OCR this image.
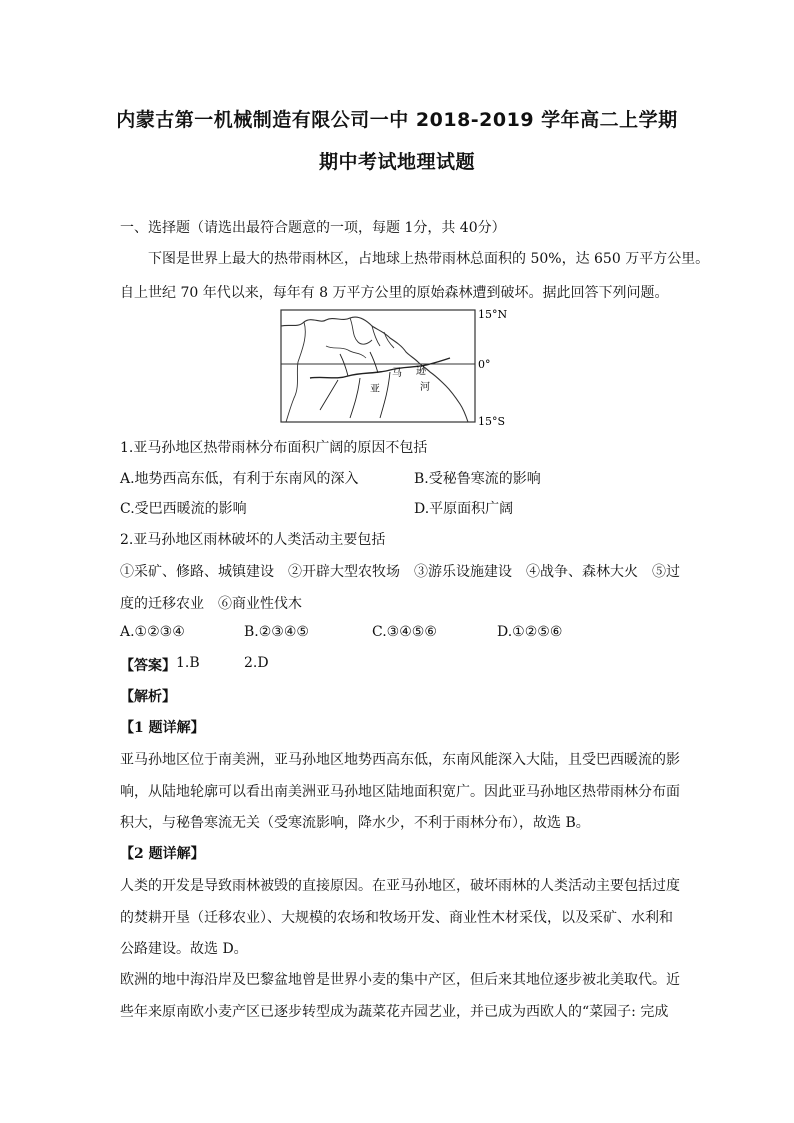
内蒙古第一机械制造有限公司一中 2018-2019 学年高二上学期
期中考试地理试题
一、选择题（请选出最符合题意的一项，每题 1分，共 40分）
下图是世界上最大的热带雨林区，占地球上热带雨林总面积的 50%，达 650 万平方公里。
自上世纪 70 年代以来，每年有 8 万平方公里的原始森林遭到破坏。据此回答下列问题。
马 逊
亚	河
15°N
0°
15°S
1.亚马孙地区热带雨林分布面积广阔的原因不包括
A.地势西高东低，有利于东南风的深入	B.受秘鲁寒流的影响
C.受巴西暖流的影响	D.平原面积广阔
2.亚马孙地区雨林破坏的人类活动主要包括
①采矿、修路、城镇建设　②开辟大型农牧场　③游乐设施建设　④战争、森林大火　⑤过
度的迁移农业　⑥商业性伐木
A.①②③④	B.②③④⑤	C.③④⑤⑥	D.①②⑤⑥
【答案】 1.B	2.D
【解析】
【1 题详解】
亚马孙地区位于南美洲，亚马孙地区地势西高东低，东南风能深入大陆，且受巴西暖流的影
响，从陆地轮廓可以看出南美洲亚马孙地区陆地面积宽广。因此亚马孙地区热带雨林分布面
积大，与秘鲁寒流无关（受寒流影响，降水少，不利于雨林分布），故选 B。
【2 题详解】
人类的开发是导致雨林被毁的直接原因。在亚马孙地区，破坏雨林的人类活动主要包括过度
的焚耕开垦（迁移农业）、大规模的农场和牧场开发、商业性木材采伐，以及采矿、水利和
公路建设。故选 D。
欧洲的地中海沿岸及巴黎盆地曾是世界小麦的集中产区，但后来其地位逐步被北美取代。近
些年来原南欧小麦产区已逐步转型成为蔬菜花卉园艺业，并已成为西欧人的“菜园子: 完成
